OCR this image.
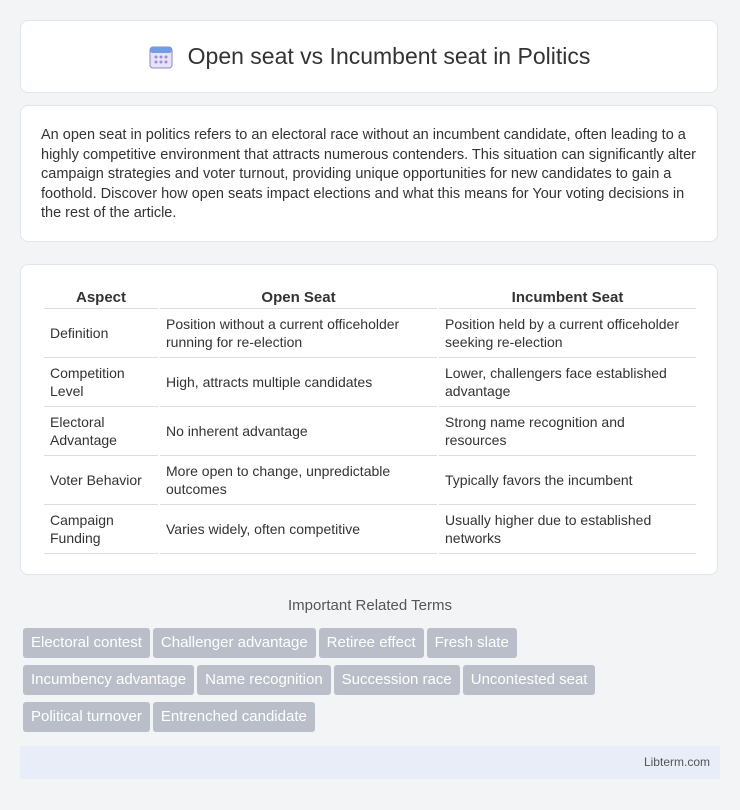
Open seat vs Incumbent seat in Politics

An open seat in politics refers to an electoral race without an incumbent candidate, often leading to a highly competitive environment that attracts numerous contenders. This situation can significantly alter campaign strategies and voter turnout, providing unique opportunities for new candidates to gain a foothold. Discover how open seats impact elections and what this means for Your voting decisions in the rest of the article.

Aspect	Open Seat	Incumbent Seat
Definition	Position without a current officeholder running for re-election	Position held by a current officeholder seeking re-election
Competition Level	High, attracts multiple candidates	Lower, challengers face established advantage
Electoral Advantage	No inherent advantage	Strong name recognition and resources
Voter Behavior	More open to change, unpredictable outcomes	Typically favors the incumbent
Campaign Funding	Varies widely, often competitive	Usually higher due to established networks
Important Related Terms
Electoral contest Challenger advantage Retiree effect Fresh slate
Incumbency advantage Name recognition Succession race Uncontested seat
Political turnover Entrenched candidate
Libterm.com
